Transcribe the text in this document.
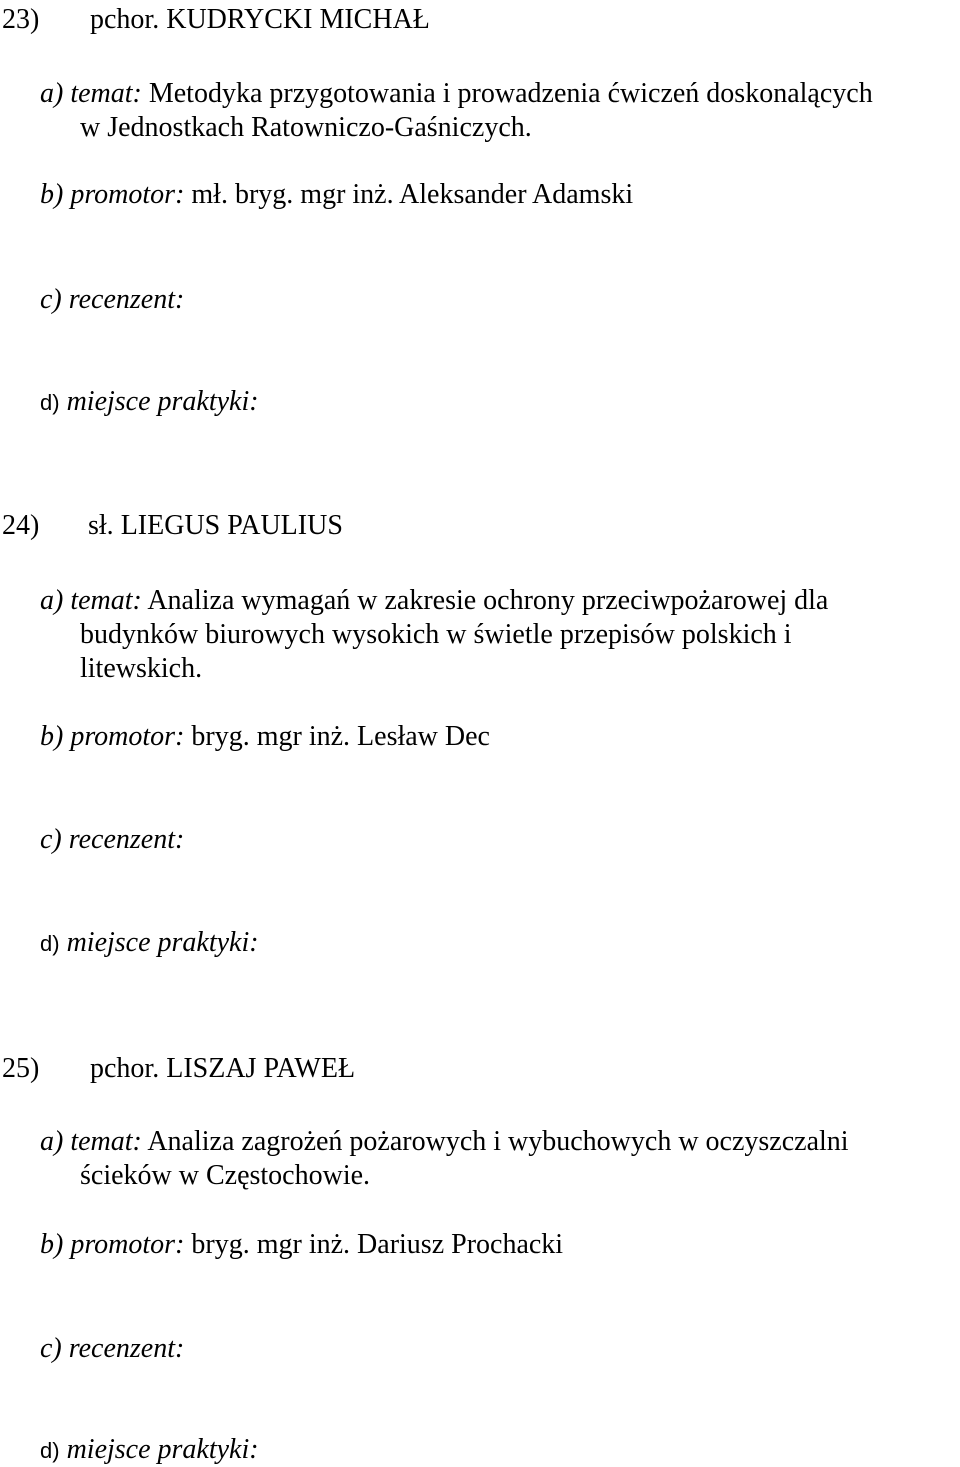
23) pchor. KUDRYCKI MICHAŁ
a) temat: Metodyka przygotowania i prowadzenia ćwiczeń doskonalących
w Jednostkach Ratowniczo-Gaśniczych.
b) promotor: mł. bryg. mgr inż. Aleksander Adamski
c) recenzent:
d) miejsce praktyki:
24) sł. LIEGUS PAULIUS
a) temat: Analiza wymagań w zakresie ochrony przeciwpożarowej dla
budynków biurowych wysokich w świetle przepisów polskich i
litewskich.
b) promotor: bryg. mgr inż. Lesław Dec
c) recenzent:
d) miejsce praktyki:
25) pchor. LISZAJ PAWEŁ
a) temat: Analiza zagrożeń pożarowych i wybuchowych w oczyszczalni
ścieków w Częstochowie.
b) promotor: bryg. mgr inż. Dariusz Prochacki
c) recenzent:
d) miejsce praktyki:
